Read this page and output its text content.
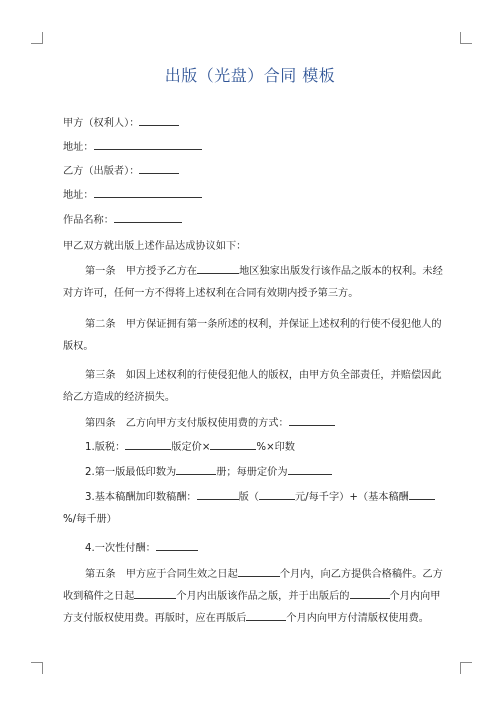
出版（光盘）合同 模板
甲方（权利人）：
地址：
乙方（出版者）：
地址：
作品名称：
甲乙双方就出版上述作品达成协议如下：
第一条　甲方授予乙方在	地区独家出版发行该作品之版本的权利。未经对方许可，任何一方不得将上述权利在合同有效期内授予第三方。
第二条　甲方保证拥有第一条所述的权利，并保证上述权利的行使不侵犯他人的版权。
第三条　如因上述权利的行使侵犯他人的版权，由甲方负全部责任，并赔偿因此给乙方造成的经济损失。
第四条　乙方向甲方支付版权使用费的方式：
1.版税：	版定价×	%×印数
2.第一版最低印数为	册；每册定价为
3.基本稿酬加印数稿酬：	版（	元/每千字）+（基本稿酬%/每千册）
4.一次性付酬：
第五条　甲方应于合同生效之日起	个月内，向乙方提供合格稿件。乙方收到稿件之日起	个月内出版该作品之版，并于出版后的	个月内向甲方支付版权使用费。再版时，应在再版后	个月内向甲方付清版权使用费。
